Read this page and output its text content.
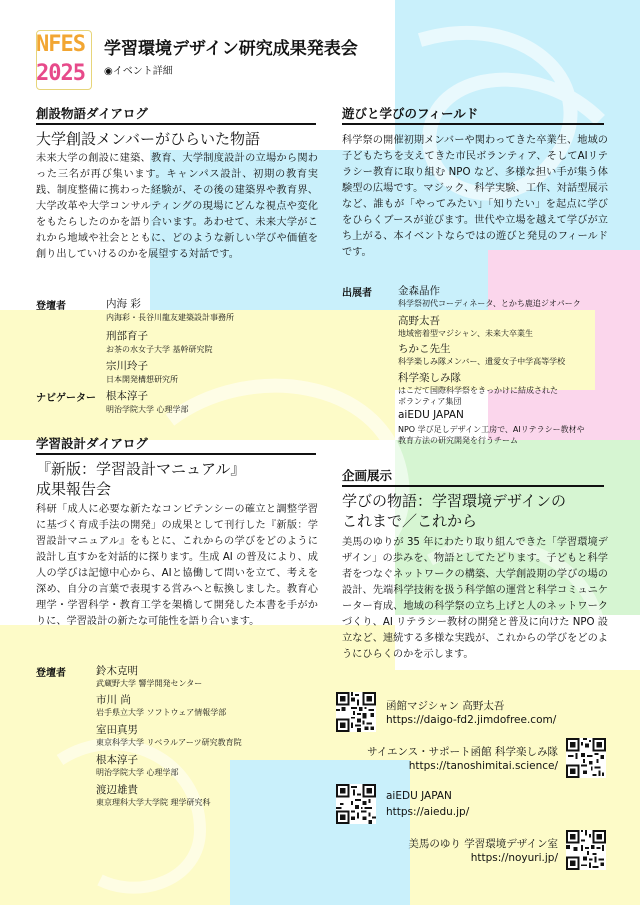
NFES
2025
学習環境デザイン研究成果発表会
◉イベント詳細
創設物語ダイアログ
大学創設メンバーがひらいた物語
未来大学の創設に建築、教育、大学制度設計の立場から関わった三名が再び集います。キャンパス設計、初期の教育実践、制度整備に携わった経験が、その後の建築界や教育界、大学改革や大学コンサルティングの現場にどんな視点や変化をもたらしたのかを語り合います。あわせて、未来大学がこれから地域や社会とともに、どのような新しい学びや価値を創り出していけるのかを展望する対話です。
登壇者	内海 彩
内海彩・長谷川龍友建築設計事務所
刑部育子
お茶の水女子大学 基幹研究院
宗川玲子
日本開発構想研究所
ナビゲーター 根本淳子
明治学院大学 心理学部
学習設計ダイアログ
『新版：学習設計マニュアル』
成果報告会
科研「成人に必要な新たなコンピテンシーの確立と調整学習に基づく育成手法の開発」の成果として刊行した『新版：学習設計マニュアル』をもとに、これからの学びをどのように設計し直すかを対話的に探ります。生成 AI の普及により、成人の学びは記憶中心から、AIと協働して問いを立て、考えを深め、自分の言葉で表現する営みへと転換しました。教育心理学・学習科学・教育工学を架橋して開発した本書を手がかりに、学習設計の新たな可能性を語り合います。
登壇者	鈴木克明
武蔵野大学 響学開発センター
市川 尚
岩手県立大学 ソフトウェア情報学部
室田真男
東京科学大学 リベラルアーツ研究教育院
根本淳子
明治学院大学 心理学部
渡辺雄貴
東京理科大学大学院 理学研究科
遊びと学びのフィールド
科学祭の開催初期メンバーや関わってきた卒業生、地域の子どもたちを支えてきた市民ボランティア、そしてAIリテラシー教育に取り組む NPO など、多様な担い手が集う体験型の広場です。マジック、科学実験、工作、対話型展示など、誰もが「やってみたい」「知りたい」を起点に学びをひらくブースが並びます。世代や立場を越えて学びが立ち上がる、本イベントならではの遊びと発見のフィールドです。
出展者 金森晶作
科学祭初代コーディネータ、とかち鹿追ジオパーク
高野太吾
地域密着型マジシャン、未来大卒業生
ちかこ先生
科学楽しみ隊メンバー、遺愛女子中学高等学校
科学楽しみ隊
はこだて国際科学祭をきっかけに結成された
ボランティア集団
aiEDU JAPAN
NPO 学び足しデザイン工房で、AIリテラシー教材や
教育方法の研究開発を行うチーム
企画展示
学びの物語：学習環境デザインの
これまで／これから
美馬のゆりが 35 年にわたり取り組んできた「学習環境デザイン」の歩みを、物語としてたどります。子どもと科学者をつなぐネットワークの構築、大学創設期の学びの場の設計、先端科学技術を扱う科学館の運営と科学コミュニケーター育成、地域の科学祭の立ち上げと人のネットワークづくり、AI リテラシー教材の開発と普及に向けた NPO 設立など、連続する多様な実践が、これからの学びをどのようにひらくのかを示します。
函館マジシャン 高野太吾
https://daigo-fd2.jimdofree.com/
サイエンス・サポート函館 科学楽しみ隊
https://tanoshimitai.science/
aiEDU JAPAN
https://aiedu.jp/
美馬のゆり 学習環境デザイン室
https://noyuri.jp/
